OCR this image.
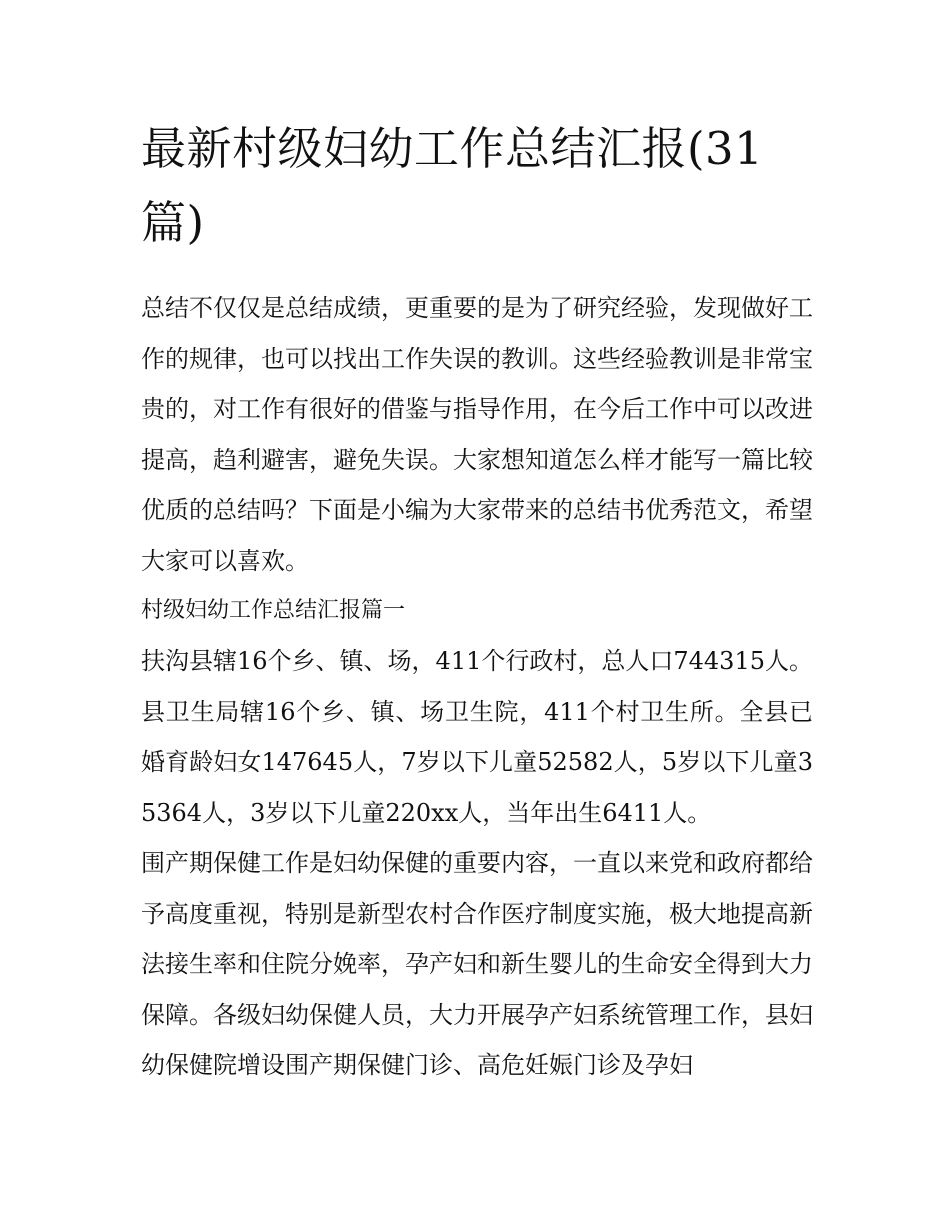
最新村级妇幼工作总结汇报(31篇)

总结不仅仅是总结成绩，更重要的是为了研究经验，发现做好工作的规律，也可以找出工作失误的教训。这些经验教训是非常宝贵的，对工作有很好的借鉴与指导作用，在今后工作中可以改进提高，趋利避害，避免失误。大家想知道怎么样才能写一篇比较优质的总结吗？下面是小编为大家带来的总结书优秀范文，希望大家可以喜欢。

村级妇幼工作总结汇报篇一

扶沟县辖16个乡、镇、场，411个行政村，总人口744315人。县卫生局辖16个乡、镇、场卫生院，411个村卫生所。全县已婚育龄妇女147645人，7岁以下儿童52582人，5岁以下儿童35364人，3岁以下儿童220xx人，当年出生6411人。

围产期保健工作是妇幼保健的重要内容，一直以来党和政府都给予高度重视，特别是新型农村合作医疗制度实施，极大地提高新法接生率和住院分娩率，孕产妇和新生婴儿的生命安全得到大力保障。各级妇幼保健人员，大力开展孕产妇系统管理工作，县妇幼保健院增设围产期保健门诊、高危妊娠门诊及孕妇
